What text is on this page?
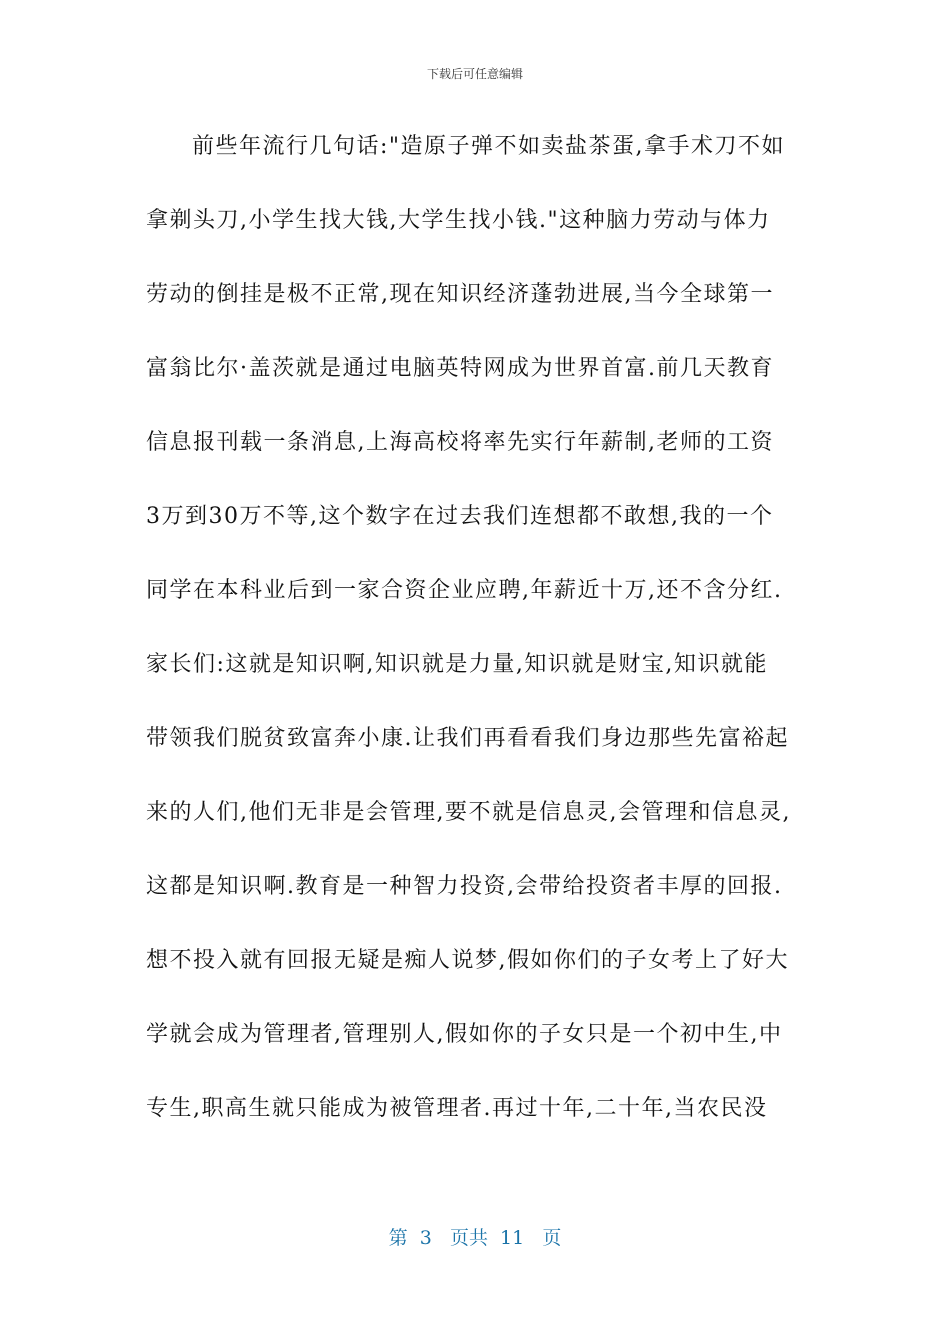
下载后可任意编辑
前些年流行几句话:"造原子弹不如卖盐茶蛋,拿手术刀不如
拿剃头刀,小学生找大钱,大学生找小钱."这种脑力劳动与体力
劳动的倒挂是极不正常,现在知识经济蓬勃进展,当今全球第一
富翁比尔·盖茨就是通过电脑英特网成为世界首富.前几天教育
信息报刊载一条消息,上海高校将率先实行年薪制,老师的工资
3万到30万不等,这个数字在过去我们连想都不敢想,我的一个
同学在本科业后到一家合资企业应聘,年薪近十万,还不含分红.
家长们:这就是知识啊,知识就是力量,知识就是财宝,知识就能
带领我们脱贫致富奔小康.让我们再看看我们身边那些先富裕起
来的人们,他们无非是会管理,要不就是信息灵,会管理和信息灵,
这都是知识啊.教育是一种智力投资,会带给投资者丰厚的回报.
想不投入就有回报无疑是痴人说梦,假如你们的子女考上了好大
学就会成为管理者,管理别人,假如你的子女只是一个初中生,中
专生,职高生就只能成为被管理者.再过十年,二十年,当农民没
第  3   页共  11   页
